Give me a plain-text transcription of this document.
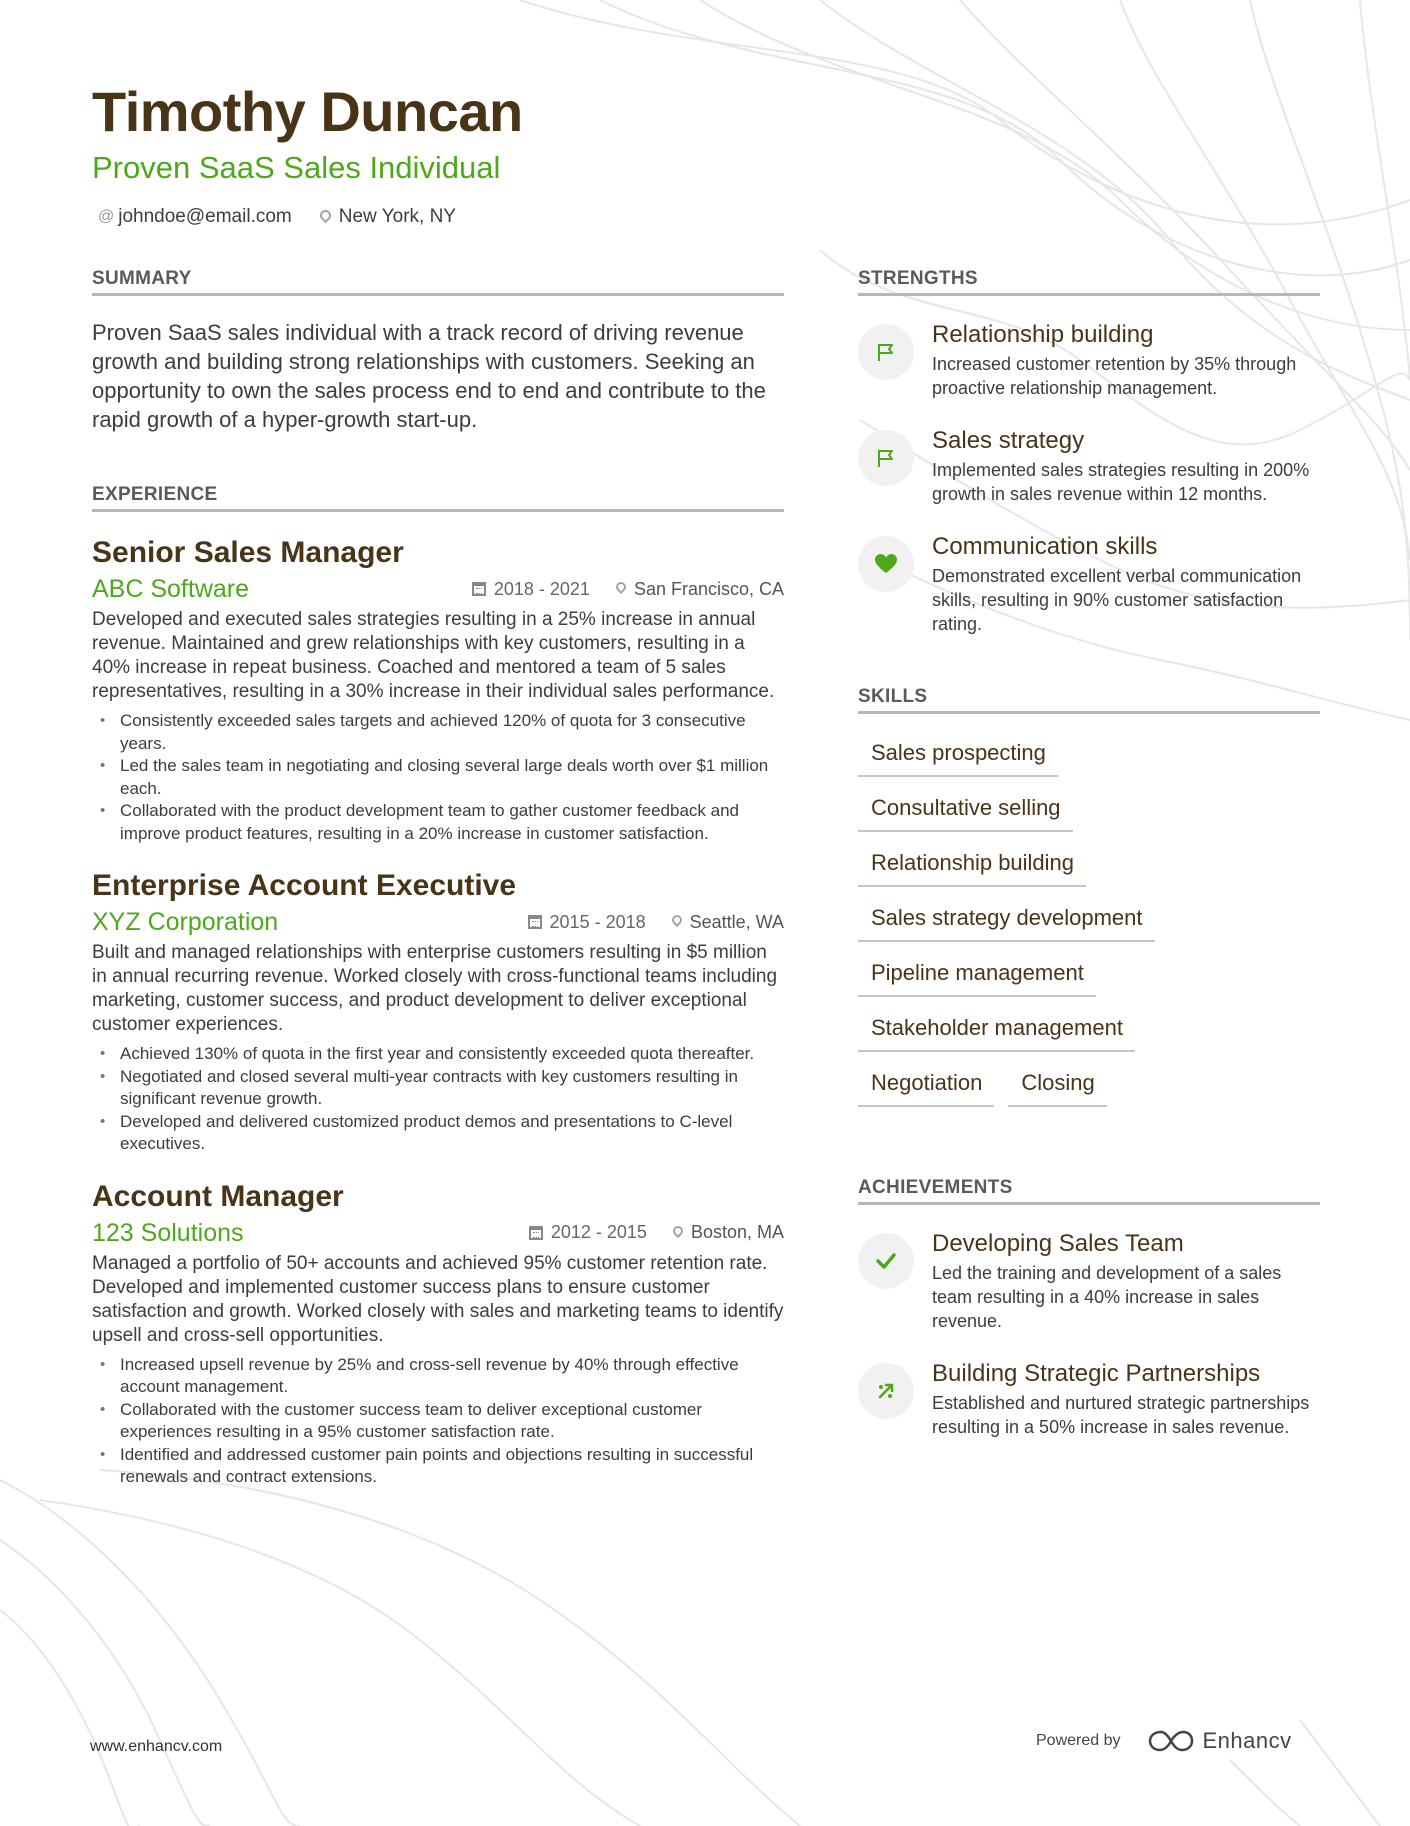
Timothy Duncan

Proven SaaS Sales Individual

@ johndoe@email.com New York, NY
SUMMARY

Proven SaaS sales individual with a track record of driving revenue growth and building strong relationships with customers. Seeking an opportunity to own the sales process end to end and contribute to the rapid growth of a hyper-growth start-up.

EXPERIENCE
Senior Sales Manager
ABC Software	2018 - 2021 San Francisco, CA

Developed and executed sales strategies resulting in a 25% increase in annual revenue. Maintained and grew relationships with key customers, resulting in a 40% increase in repeat business. Coached and mentored a team of 5 sales representatives, resulting in a 30% increase in their individual sales performance.

• Consistently exceeded sales targets and achieved 120% of quota for 3 consecutive years.
• Led the sales team in negotiating and closing several large deals worth over $1 million each.
• Collaborated with the product development team to gather customer feedback and improve product features, resulting in a 20% increase in customer satisfaction.
Enterprise Account Executive
XYZ Corporation	2015 - 2018 Seattle, WA

Built and managed relationships with enterprise customers resulting in $5 million in annual recurring revenue. Worked closely with cross-functional teams including marketing, customer success, and product development to deliver exceptional customer experiences.

• Achieved 130% of quota in the first year and consistently exceeded quota thereafter.
• Negotiated and closed several multi-year contracts with key customers resulting in significant revenue growth.
• Developed and delivered customized product demos and presentations to C-level executives.
Account Manager
123 Solutions	2012 - 2015 Boston, MA

Managed a portfolio of 50+ accounts and achieved 95% customer retention rate. Developed and implemented customer success plans to ensure customer satisfaction and growth. Worked closely with sales and marketing teams to identify upsell and cross-sell opportunities.

• Increased upsell revenue by 25% and cross-sell revenue by 40% through effective account management.
• Collaborated with the customer success team to deliver exceptional customer experiences resulting in a 95% customer satisfaction rate.
• Identified and addressed customer pain points and objections resulting in successful renewals and contract extensions.
STRENGTHS

Relationship building

Increased customer retention by 35% through proactive relationship management.

Sales strategy

Implemented sales strategies resulting in 200% growth in sales revenue within 12 months.

Communication skills

Demonstrated excellent verbal communication skills, resulting in 90% customer satisfaction rating.

SKILLS
Sales prospecting
Consultative selling
Relationship building
Sales strategy development
Pipeline management
Stakeholder management
Negotiation	Closing
ACHIEVEMENTS

Developing Sales Team

Led the training and development of a sales team resulting in a 40% increase in sales revenue.

Building Strategic Partnerships

Established and nurtured strategic partnerships resulting in a 50% increase in sales revenue.

www.enhancv.com	Powered by	Enhancv
